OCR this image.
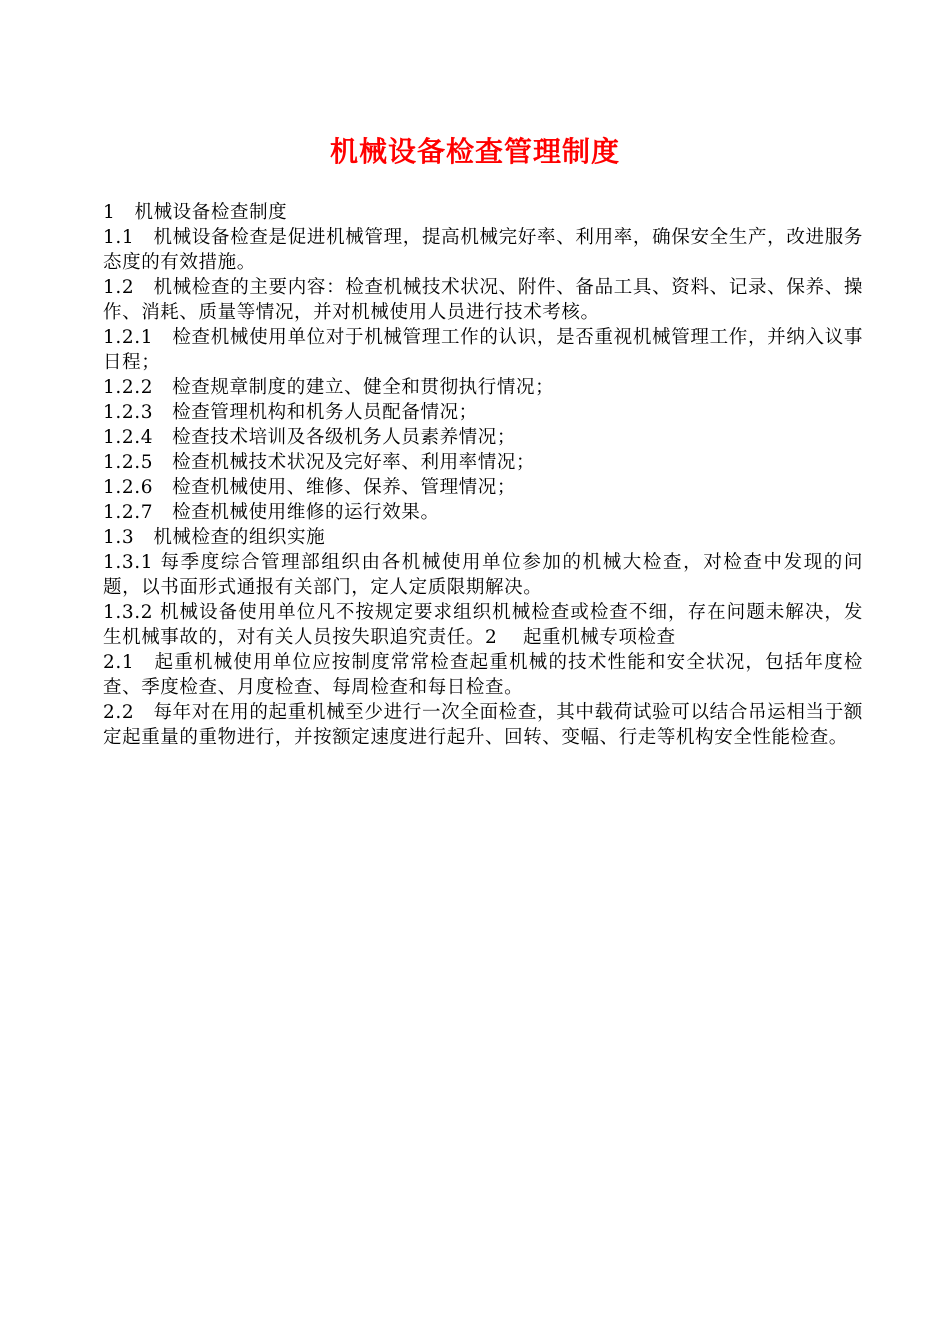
机械设备检查管理制度

1　机械设备检查制度

1.1　机械设备检查是促进机械管理，提高机械完好率、利用率，确保安全生产，改进服务态度的有效措施。

1.2　机械检查的主要内容：检查机械技术状况、附件、备品工具、资料、记录、保养、操作、消耗、质量等情况，并对机械使用人员进行技术考核。

1.2.1　检查机械使用单位对于机械管理工作的认识，是否重视机械管理工作，并纳入议事日程；

1.2.2　检查规章制度的建立、健全和贯彻执行情况；

1.2.3　检查管理机构和机务人员配备情况；

1.2.4　检查技术培训及各级机务人员素养情况；

1.2.5　检查机械技术状况及完好率、利用率情况；

1.2.6　检查机械使用、维修、保养、管理情况；

1.2.7　检查机械使用维修的运行效果。

1.3　机械检查的组织实施

1.3.1 每季度综合管理部组织由各机械使用单位参加的机械大检查，对检查中发现的问题，以书面形式通报有关部门，定人定质限期解决。

1.3.2 机械设备使用单位凡不按规定要求组织机械检查或检查不细，存在问题未解决，发生机械事故的，对有关人员按失职追究责任。2　 起重机械专项检查

2.1　起重机械使用单位应按制度常常检查起重机械的技术性能和安全状况，包括年度检查、季度检查、月度检查、每周检查和每日检查。

2.2　每年对在用的起重机械至少进行一次全面检查，其中载荷试验可以结合吊运相当于额定起重量的重物进行，并按额定速度进行起升、回转、变幅、行走等机构安全性能检查。
